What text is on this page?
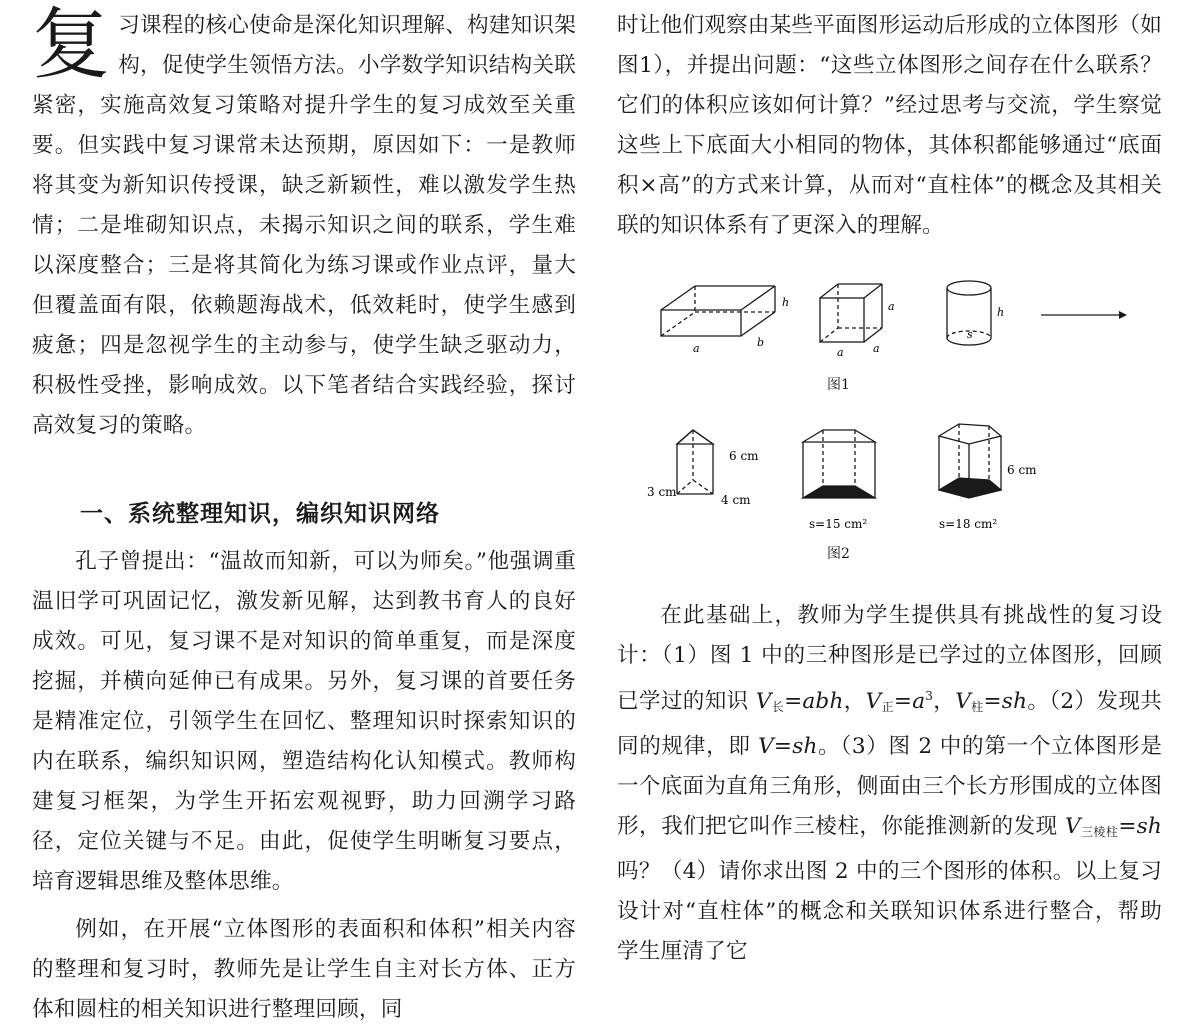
复习课程的核心使命是深化知识理解、构建知识架构，促使学生领悟方法。小学数学知识结构关联紧密，实施高效复习策略对提升学生的复习成效至关重要。但实践中复习课常未达预期，原因如下：一是教师将其变为新知识传授课，缺乏新颖性，难以激发学生热情；二是堆砌知识点，未揭示知识之间的联系，学生难以深度整合；三是将其简化为练习课或作业点评，量大但覆盖面有限，依赖题海战术，低效耗时，使学生感到疲惫；四是忽视学生的主动参与，使学生缺乏驱动力，积极性受挫，影响成效。以下笔者结合实践经验，探讨高效复习的策略。

一、系统整理知识，编织知识网络

孔子曾提出：“温故而知新，可以为师矣。”他强调重温旧学可巩固记忆，激发新见解，达到教书育人的良好成效。可见，复习课不是对知识的简单重复，而是深度挖掘，并横向延伸已有成果。另外，复习课的首要任务是精准定位，引领学生在回忆、整理知识时探索知识的内在联系，编织知识网，塑造结构化认知模式。教师构建复习框架，为学生开拓宏观视野，助力回溯学习路径，定位关键与不足。由此，促使学生明晰复习要点，培育逻辑思维及整体思维。

例如，在开展“立体图形的表面积和体积”相关内容的整理和复习时，教师先是让学生自主对长方体、正方体和圆柱的相关知识进行整理回顾，同

时让他们观察由某些平面图形运动后形成的立体图形（如图1），并提出问题：“这些立体图形之间存在什么联系？它们的体积应该如何计算？”经过思考与交流，学生察觉这些上下底面大小相同的物体，其体积都能够通过“底面积×高”的方式来计算，从而对“直柱体”的概念及其相关联的知识体系有了更深入的理解。

h
a	b
a
a	a
h
s
图1
6 cm
3 cm
4 cm
s=15 cm²
6 cm
s=18 cm²
图2

在此基础上，教师为学生提供具有挑战性的复习设计：（1）图 1 中的三种图形是已学过的立体图形，回顾已学过的知识 $V_长=abh$，$V_正=a^3$，$V_柱=sh$。（2）发现共同的规律，即 V=sh。（3）图 2 中的第一个立体图形是一个底面为直角三角形，侧面由三个长方形围成的立体图形，我们把它叫作三棱柱，你能推测新的发现 $V_{三棱柱}=sh$ 吗？（4）请你求出图 2 中的三个图形的体积。以上复习设计对“直柱体”的概念和关联知识体系进行整合，帮助学生厘清了它
